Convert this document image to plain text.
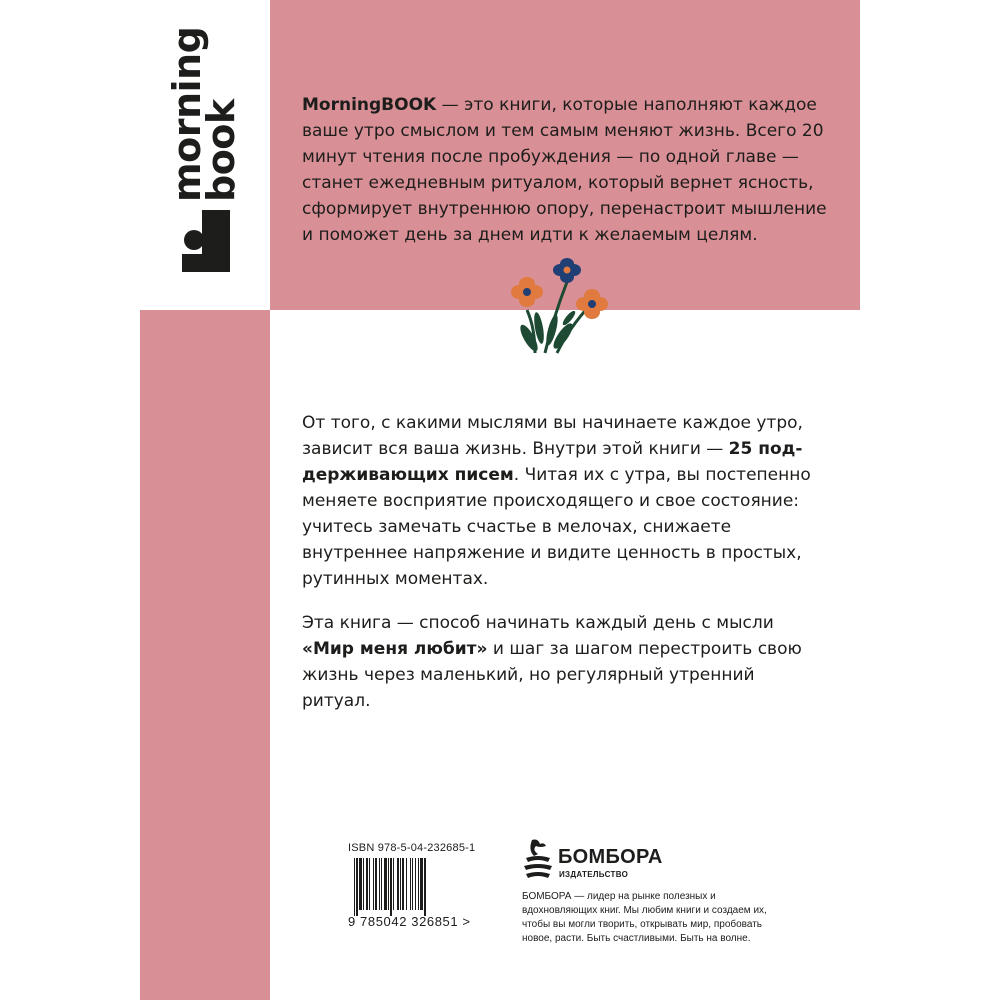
morning
book	MorningBOOK — это книги, которые наполняют каждое ваше утро смыслом и тем самым меняют жизнь. Всего 20 минут чтения после пробуждения — по одной главе — станет ежедневным ритуалом, который вернет ясность, сформирует внутреннюю опору, перенастроит мышление и поможет день за днем идти к желаемым целям.

От того, с какими мыслями вы начинаете каждое утро, зависит вся ваша жизнь. Внутри этой книги — 25 поддерживающих писем. Читая их с утра, вы постепенно меняете восприятие происходящего и свое состояние: учитесь замечать счастье в мелочах, снижаете внутреннее напряжение и видите ценность в простых, рутинных моментах.

Эта книга — способ начинать каждый день с мысли «Мир меня любит» и шаг за шагом перестроить свою жизнь через маленький, но регулярный утренний ритуал.

ISBN 978-5-04-232685-1
9 785042 326851 >
БОМБОРА
ИЗДАТЕЛЬСТВО
БОМБОРА — лидер на рынке полезных и вдохновляющих книг. Мы любим книги и создаем их, чтобы вы могли творить, открывать мир, пробовать новое, расти. Быть счастливыми. Быть на волне.
